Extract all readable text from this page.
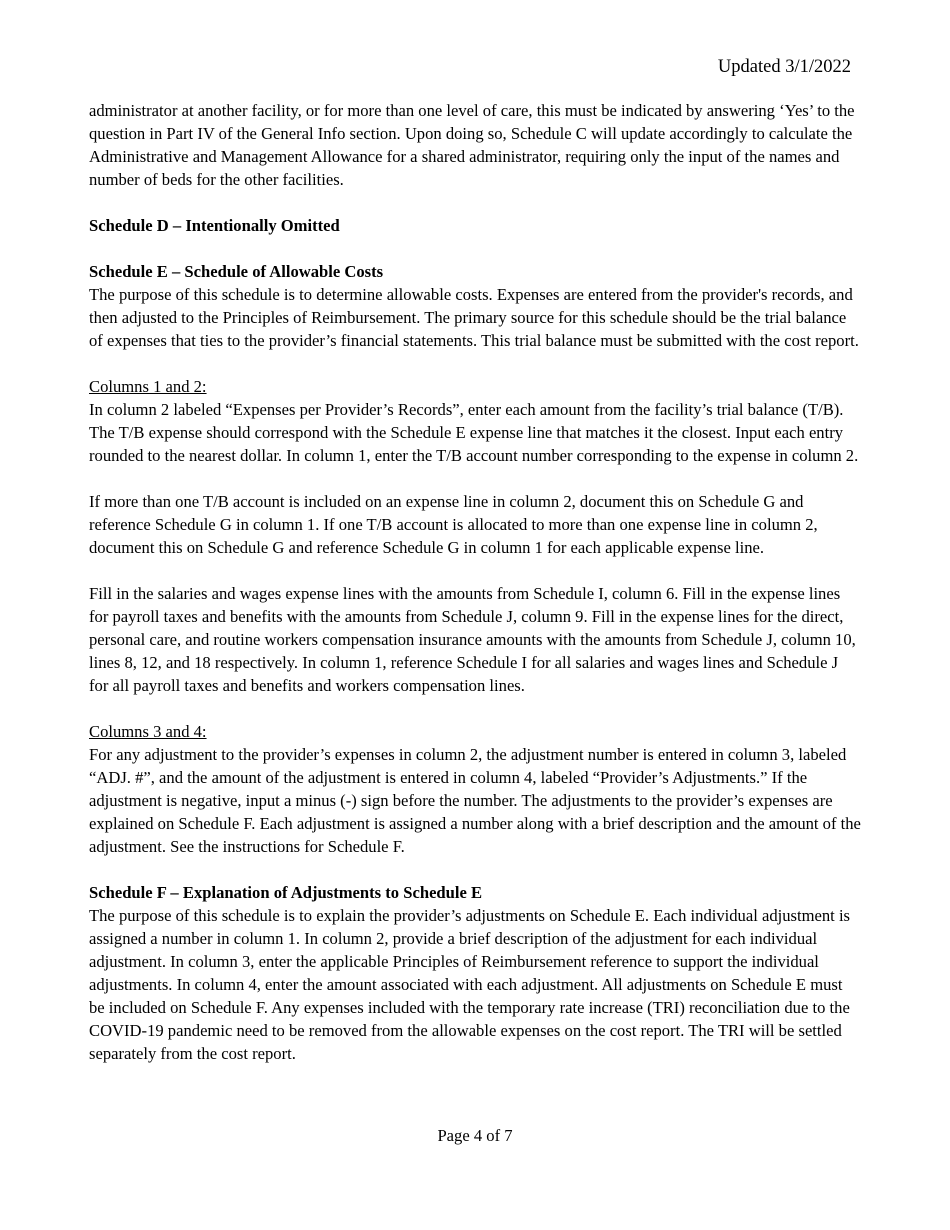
Updated 3/1/2022

administrator at another facility, or for more than one level of care, this must be indicated by answering ‘Yes’ to the question in Part IV of the General Info section. Upon doing so, Schedule C will update accordingly to calculate the Administrative and Management Allowance for a shared administrator, requiring only the input of the names and number of beds for the other facilities.

Schedule D – Intentionally Omitted

Schedule E – Schedule of Allowable Costs

The purpose of this schedule is to determine allowable costs. Expenses are entered from the provider's records, and then adjusted to the Principles of Reimbursement. The primary source for this schedule should be the trial balance of expenses that ties to the provider’s financial statements. This trial balance must be submitted with the cost report.

Columns 1 and 2:

In column 2 labeled “Expenses per Provider’s Records”, enter each amount from the facility’s trial balance (T/B). The T/B expense should correspond with the Schedule E expense line that matches it the closest. Input each entry rounded to the nearest dollar. In column 1, enter the T/B account number corresponding to the expense in column 2.

If more than one T/B account is included on an expense line in column 2, document this on Schedule G and reference Schedule G in column 1. If one T/B account is allocated to more than one expense line in column 2, document this on Schedule G and reference Schedule G in column 1 for each applicable expense line.

Fill in the salaries and wages expense lines with the amounts from Schedule I, column 6. Fill in the expense lines for payroll taxes and benefits with the amounts from Schedule J, column 9. Fill in the expense lines for the direct, personal care, and routine workers compensation insurance amounts with the amounts from Schedule J, column 10, lines 8, 12, and 18 respectively. In column 1, reference Schedule I for all salaries and wages lines and Schedule J for all payroll taxes and benefits and workers compensation lines.

Columns 3 and 4:

For any adjustment to the provider’s expenses in column 2, the adjustment number is entered in column 3, labeled “ADJ. #”, and the amount of the adjustment is entered in column 4, labeled “Provider’s Adjustments.” If the adjustment is negative, input a minus (-) sign before the number. The adjustments to the provider’s expenses are explained on Schedule F. Each adjustment is assigned a number along with a brief description and the amount of the adjustment. See the instructions for Schedule F.

Schedule F – Explanation of Adjustments to Schedule E

The purpose of this schedule is to explain the provider’s adjustments on Schedule E. Each individual adjustment is assigned a number in column 1. In column 2, provide a brief description of the adjustment for each individual adjustment. In column 3, enter the applicable Principles of Reimbursement reference to support the individual adjustments. In column 4, enter the amount associated with each adjustment. All adjustments on Schedule E must be included on Schedule F. Any expenses included with the temporary rate increase (TRI) reconciliation due to the COVID-19 pandemic need to be removed from the allowable expenses on the cost report. The TRI will be settled separately from the cost report.

Page 4 of 7
